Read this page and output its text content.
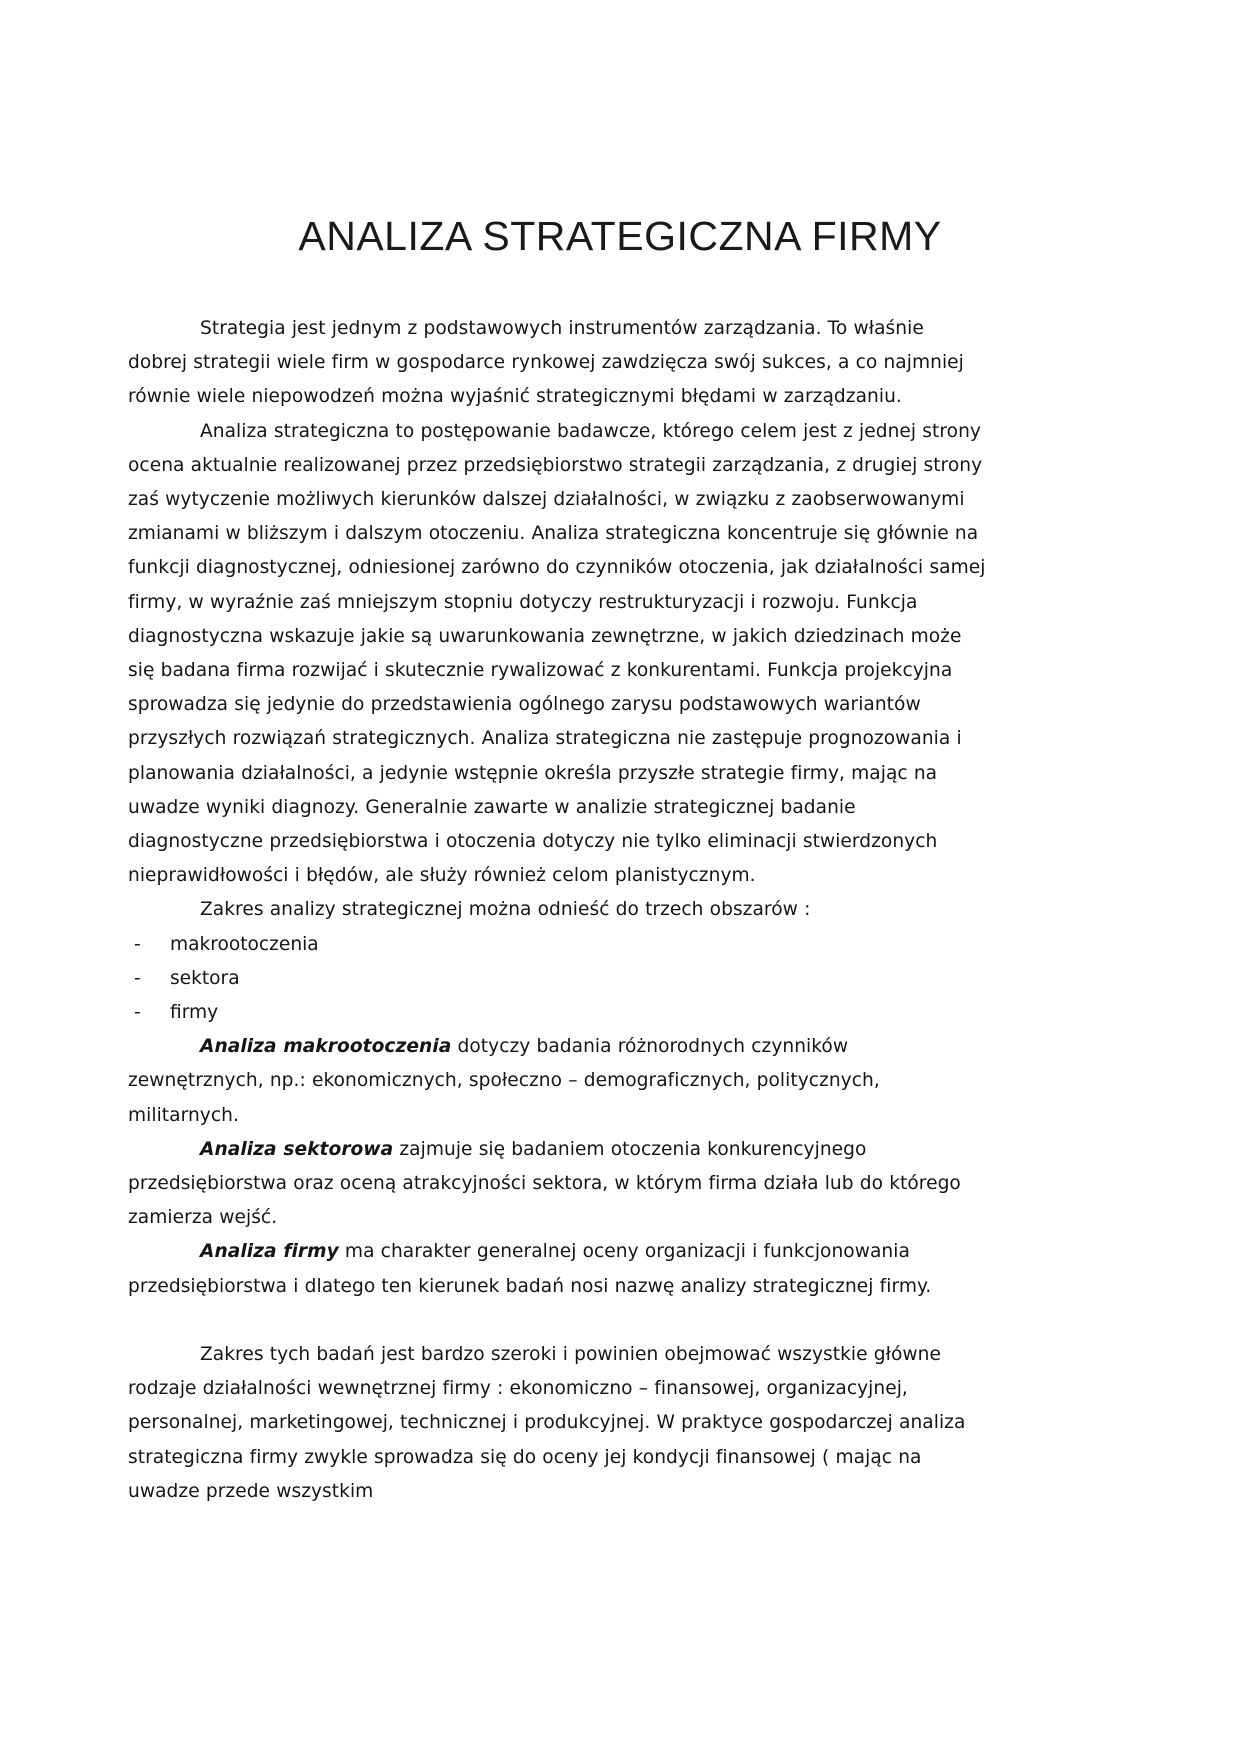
ANALIZA STRATEGICZNA FIRMY

Strategia jest jednym z podstawowych instrumentów zarządzania. To właśnie dobrej strategii wiele firm w gospodarce rynkowej zawdzięcza swój sukces, a co najmniej równie wiele niepowodzeń można wyjaśnić strategicznymi błędami w zarządzaniu.

Analiza strategiczna to postępowanie badawcze, którego celem jest z jednej strony ocena aktualnie realizowanej przez przedsiębiorstwo strategii zarządzania, z drugiej strony zaś wytyczenie możliwych kierunków dalszej działalności, w związku z zaobserwowanymi zmianami w bliższym i dalszym otoczeniu. Analiza strategiczna koncentruje się głównie na funkcji diagnostycznej, odniesionej zarówno do czynników otoczenia, jak działalności samej firmy, w wyraźnie zaś mniejszym stopniu dotyczy restrukturyzacji i rozwoju. Funkcja diagnostyczna wskazuje jakie są uwarunkowania zewnętrzne, w jakich dziedzinach może się badana firma rozwijać i skutecznie rywalizować z konkurentami. Funkcja projekcyjna sprowadza się jedynie do przedstawienia ogólnego zarysu podstawowych wariantów przyszłych rozwiązań strategicznych. Analiza strategiczna nie zastępuje prognozowania i planowania działalności, a jedynie wstępnie określa przyszłe strategie firmy, mając na uwadze wyniki diagnozy. Generalnie zawarte w analizie strategicznej badanie diagnostyczne przedsiębiorstwa i otoczenia dotyczy nie tylko eliminacji stwierdzonych nieprawidłowości i błędów, ale służy również celom planistycznym.

Zakres analizy strategicznej można odnieść do trzech obszarów :

-	makrootoczenia
-	sektora
-	firmy

Analiza makrootoczenia dotyczy badania różnorodnych czynników zewnętrznych, np.: ekonomicznych, społeczno – demograficznych, politycznych, militarnych.

Analiza sektorowa zajmuje się badaniem otoczenia konkurencyjnego przedsiębiorstwa oraz oceną atrakcyjności sektora, w którym firma działa lub do którego zamierza wejść.

Analiza firmy ma charakter generalnej oceny organizacji i funkcjonowania przedsiębiorstwa i dlatego ten kierunek badań nosi nazwę analizy strategicznej firmy.

Zakres tych badań jest bardzo szeroki i powinien obejmować wszystkie główne rodzaje działalności wewnętrznej firmy : ekonomiczno – finansowej, organizacyjnej, personalnej, marketingowej, technicznej i produkcyjnej. W praktyce gospodarczej analiza strategiczna firmy zwykle sprowadza się do oceny jej kondycji finansowej ( mając na uwadze przede wszystkim
